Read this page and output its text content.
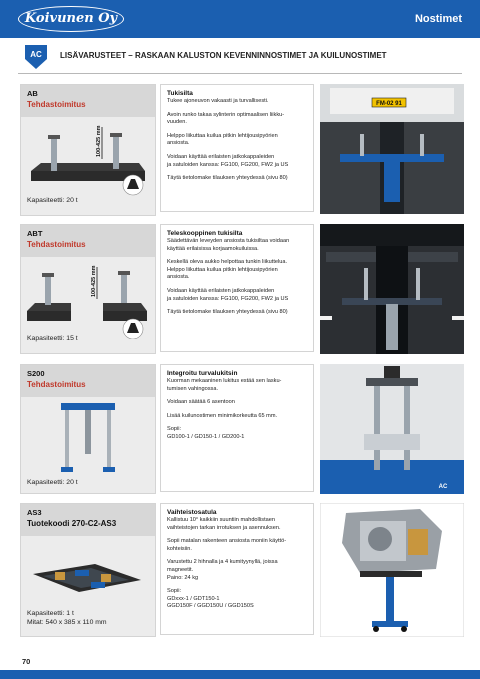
Koivunen Oy	Nostimet
AC LISÄVARUSTEET – RASKAAN KALUSTON KEVENNINNOSTIMET JA KUILUNOSTIMET
AB
Tehdastoimitus
100-425 mm
Kapasiteetti: 20 t
Tukisilta
Tukee ajoneuvon vakaasti ja turvallisesti.
Avoin runko takaa sylinterin optimaalisen liikku-
vuuden.
Helppo liikuttaa kuilua pitkin lehtijousipyörien
ansiosta.
Voidaan käyttää erilaisten jatkokappaleiden
ja satuloiden kanssa: FG100, FG200, FW2 ja US
Täytä tietolomake tilauksen yhteydessä (sivu 80)
FM-02 91
ABT
Tehdastoimitus
100-425 mm
Kapasiteetti: 15 t
Teleskooppinen tukisilta
Säädettävän leveyden ansiosta tukisiltaa voidaan
käyttää erilaisissa korjaamokuiluissa.
Keskellä oleva aukko helpottaa tunkin liikuttelua.
Helppo liikuttaa kuilua pitkin lehtijousipyörien
ansiosta.
Voidaan käyttää erilaisten jatkokappaleiden
ja satuloiden kanssa: FG100, FG200, FW2 ja US
Täytä tietolomake tilauksen yhteydessä (sivu 80)
S200
Tehdastoimitus
Kapasiteetti: 20 t
Integroitu turvalukitsin
Kuorman mekaaninen lukitus estää sen lasku-
tumisen vahingossa.
Voidaan säätää 6 asentoon
Lisää kuilunostimen minimikorkeutta 65 mm.
Sopii:
GD100-1 / GD150-1 / GD200-1
AC
AS3
Tuotekoodi 270-C2-AS3
Kapasiteetti: 1 t
Mitat: 540 x 385 x 110 mm
Vaihteistosatula
Kallistuu 10° kaikkiin suuntiin mahdollistaen
vaihteistojen tarkan irrotuksen ja asennuksen.
Sopii matalan rakenteen ansiosta moniin käyttö-
kohteisiin.
Varustettu 2 hihnalla ja 4 kumityynyllä, joissa
magneetit.
Paino: 24 kg
Sopii:
GDxxx-1 / GDT150-1
GGD150F / GGD150U / GGD150S
70
